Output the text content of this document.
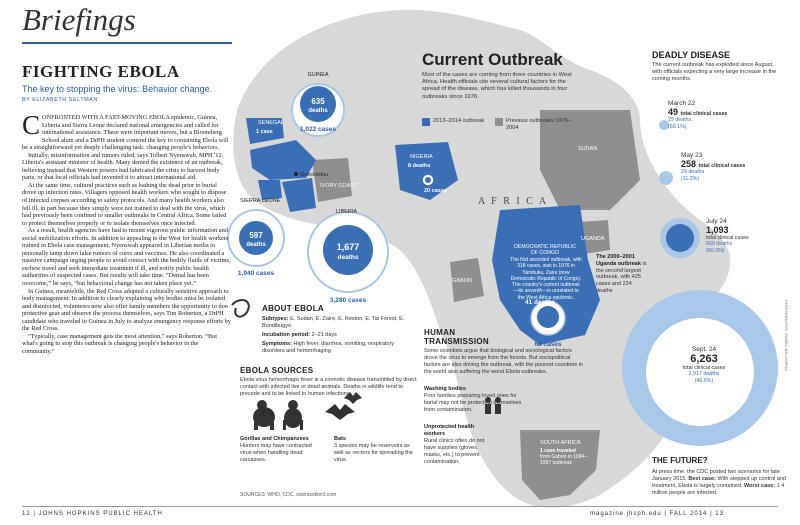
635
deaths
1,022 cases
GUINEA
SENEGAL
1 case
Guéckédou
IVORY COAST
597
deaths
1,940 cases
SIERRA LEONE
1,677
deaths
3,280 cases
LIBERIA
NIGERIA
8 deaths
20 cases
A F R I C A
SUDAN
GABON
UGANDA
SOUTH AFRICA
41 deaths
68 cases
Briefings
FIGHTING EBOLA
The key to stopping the virus: Behavior change.
BY ELIZABETH SELTMAN
C ONFRONTED WITH A FAST-MOVING EBOLA epidemic, Guinea, Liberia and Sierra Leone declared national emergencies and called for international assistance. These were important moves, but a Bloomberg School alum and a DrPH student contend the key to containing Ebola will be a straightforward yet deeply challenging task: changing people's behaviors.

Initially, misinformation and rumors ruled, says Tolbert Nyenswah, MPH '12, Liberia's assistant minister of health. Many denied the existence of an outbreak, believing instead that Western powers had fabricated the crisis to harvest body parts, or that local officials had invented it to attract international aid.

At the same time, cultural practices such as bathing the dead prior to burial drove up infection rates. Villagers opposed health workers who sought to dispose of infected corpses according to safety protocols. And many health workers also fell ill, in part because they simply were not trained to deal with the virus, which had previously been confined to smaller outbreaks in Central Africa. Some failed to protect themselves properly or to isolate themselves once infected.

As a result, health agencies have had to mount vigorous public information and social mobilization efforts. In addition to appealing to the West for health workers trained in Ebola case management, Nyenswah appeared in Liberian media to personally tamp down false rumors of cures and vaccines. He also coordinated a massive campaign urging people to avoid contact with the bodily fluids of victims, eschew travel and seek immediate treatment if ill, and notify public health authorities of suspected cases. But results will take time. “Denial has been overcome,” he says, “but behavioral change has not taken place yet.”

In Guinea, meanwhile, the Red Cross adopted a culturally sensitive approach to body management. In addition to clearly explaining why bodies must be isolated and disinfected, volunteers now also offer family members the opportunity to don protective gear and observe the process themselves, says Tim Roberton, a DrPH candidate who traveled to Guinea in July to analyze emergency response efforts by the Red Cross.

“Typically, case management gets the most attention,” says Roberton. “But what's going to stop this outbreak is changing people's behavior in the community.”

Current Outbreak
Most of the cases are coming from three countries in West Africa. Health officials cite several cultural factors for the spread of the disease, which has killed thousands in four outbreaks since 1976.
2013–2014 outbreak	Previous outbreaks 1976–2004
DEMOCRATIC REPUBLIC OF CONGO
The first recorded outbreak, with 318 cases, was in 1976 in Yambuku, Zaire (now Democratic Republic of Congo). The country's current outbreak—its seventh—is unrelated to the West Africa epidemic.
The 2000–2001 Uganda outbreak is the second largest outbreak, with 425 cases and 224 deaths
1 case traveled
from Gabon in 1994–1997 outbreak
ABOUT EBOLA
Subtypes: E. Sudan, E. Zaire, E. Reston, E. Tai Forest, E. Bundibugyo
Incubation period: 2–21 days
Symptoms: High fever, diarrhea, vomiting, respiratory disorders and hemorrhaging
EBOLA SOURCES
Ebola virus hemorrhagic fever is a zoonotic disease transmitted by direct contact with infected live or dead animals. Deaths in wildlife tend to precede and to be linked to human infections.
Gorillas and Chimpanzees
Hunters may have contracted virus when handling dead carcasses.
Bats
3 species may be reservoirs as well as vectors for spreading the virus.
SOURCES: WHO, CDC, sciencedirect.com
HUMAN TRANSMISSION
Some scientists argue that biological and sociological factors drove the virus to emerge from the forests. But sociopolitical factors are also driving the outbreak, with the poorest countries in the world also suffering the worst Ebola outbreaks.
Washing bodies
Poor families preparing loved ones for burial may not be protecting themselves from contamination.
Unprotected health workers
Rural clinics often do not have supplies (gloves, masks, etc.) to prevent contamination.
DEADLY DISEASE
The current outbreak has exploded since August, with officials expecting a very large increase in the coming months.
March 22
49 total clinical cases
29 deaths
(59.1%)
May 23
258 total clinical cases
29 deaths
(11.2%)
July 24
1,093
total clinical cases
660 deaths
(60.3%)
Sept. 24
6,263
total clinical cases
2,917 deaths
(46.6%)
THE FUTURE?
At press time, the CDC posted two scenarios for late January 2015. Best case: With stepped up control and treatment, Ebola is largely contained. Worst case: 1.4 million people are infected.
PHOTOGRAPHY: ISABEL MALASPINA
12 | JOHNS HOPKINS PUBLIC HEALTH	magazine.jhsph.edu | FALL 2014 | 13
